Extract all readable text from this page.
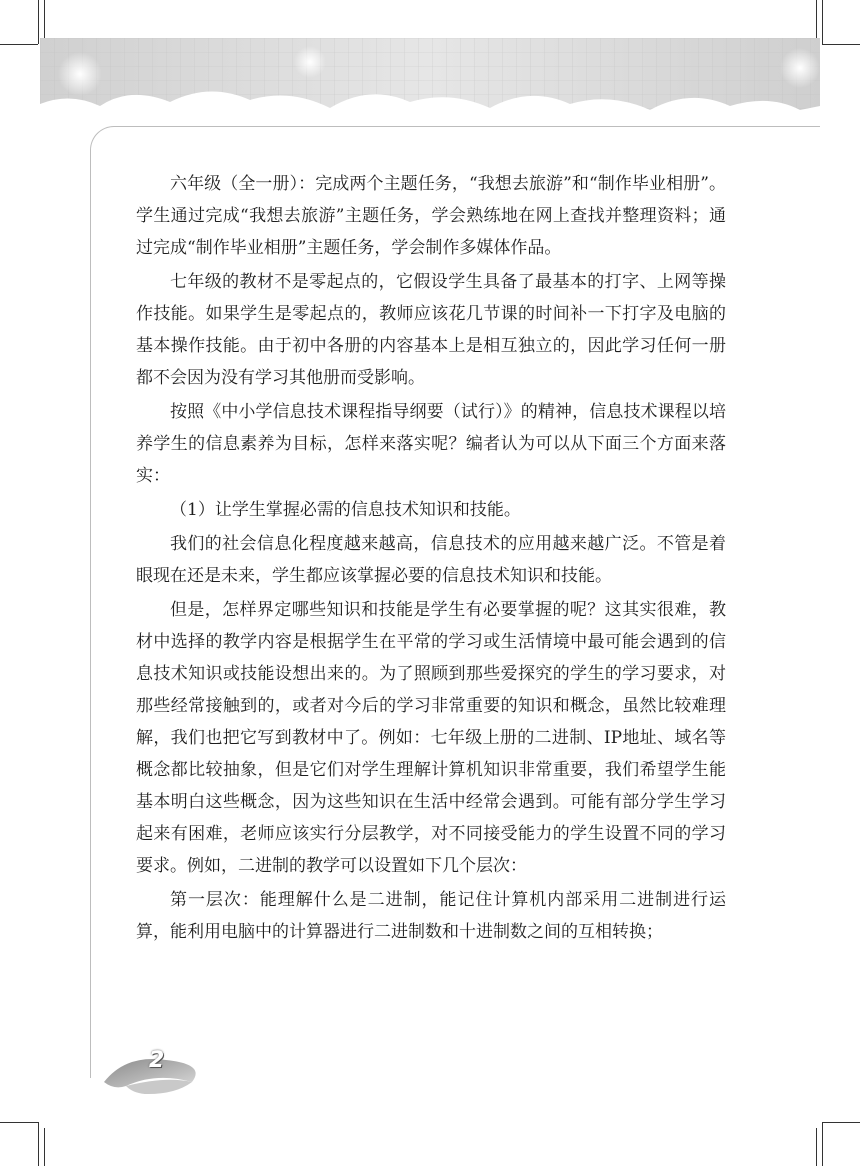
六年级（全一册）：完成两个主题任务，“我想去旅游”和“制作毕业相册”。学生通过完成“我想去旅游”主题任务，学会熟练地在网上查找并整理资料；通过完成“制作毕业相册”主题任务，学会制作多媒体作品。

七年级的教材不是零起点的，它假设学生具备了最基本的打字、上网等操作技能。如果学生是零起点的，教师应该花几节课的时间补一下打字及电脑的基本操作技能。由于初中各册的内容基本上是相互独立的，因此学习任何一册都不会因为没有学习其他册而受影响。

按照《中小学信息技术课程指导纲要（试行）》的精神，信息技术课程以培养学生的信息素养为目标，怎样来落实呢？编者认为可以从下面三个方面来落实：

（1）让学生掌握必需的信息技术知识和技能。

我们的社会信息化程度越来越高，信息技术的应用越来越广泛。不管是着眼现在还是未来，学生都应该掌握必要的信息技术知识和技能。

但是，怎样界定哪些知识和技能是学生有必要掌握的呢？这其实很难，教材中选择的教学内容是根据学生在平常的学习或生活情境中最可能会遇到的信息技术知识或技能设想出来的。为了照顾到那些爱探究的学生的学习要求，对那些经常接触到的，或者对今后的学习非常重要的知识和概念，虽然比较难理解，我们也把它写到教材中了。例如：七年级上册的二进制、IP地址、域名等概念都比较抽象，但是它们对学生理解计算机知识非常重要，我们希望学生能基本明白这些概念，因为这些知识在生活中经常会遇到。可能有部分学生学习起来有困难，老师应该实行分层教学，对不同接受能力的学生设置不同的学习要求。例如，二进制的教学可以设置如下几个层次：

第一层次：能理解什么是二进制，能记住计算机内部采用二进制进行运算，能利用电脑中的计算器进行二进制数和十进制数之间的互相转换；

2
